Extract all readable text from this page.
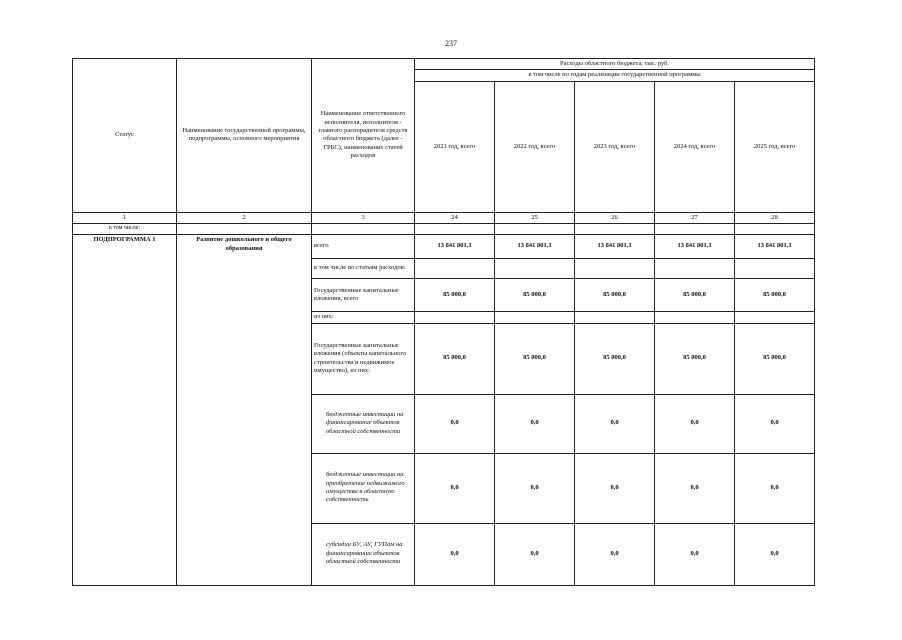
237
Статус	Наименование государственной программы, подпрограммы, основного мероприятия	Наименование ответственного исполнителя, исполнителя - главного распорядителя средств областного бюджета (далее - ГРБС), наименование статей расходов	Расходы областного бюджета, тыс. руб.				
			в том числе по годам реализации государственной программы				
			2021 год, всего	2022 год, всего	2023 год, всего	2024 год, всего	2025 год, всего
1	2	3	24	25	26	27	28
в том числе:							
ПОДПРОГРАММА 1	Развитие дошкольного и общего образования	всего	13 841 801,1	13 841 801,1	13 841 801,1	13 841 801,1	13 841 801,1
		в том числе по статьям расходов:					
		Государственные капитальные вложения, всего	85 000,0	85 000,0	85 000,0	85 000,0	85 000,0
		из них:					
		Государственные капитальные вложения (объекты капитального строительства и недвижимое имущество), из них:	85 000,0	85 000,0	85 000,0	85 000,0	85 000,0
		бюджетные инвестиции на финансирование объектов областной собственности	0,0	0,0	0,0	0,0	0,0
		бюджетные инвестиции на приобретение недвижимого имущества в областную собственность	0,0	0,0	0,0	0,0	0,0
		субсидии БУ, АУ, ГУПам на финансирование объектов областной собственности	0,0	0,0	0,0	0,0	0,0
